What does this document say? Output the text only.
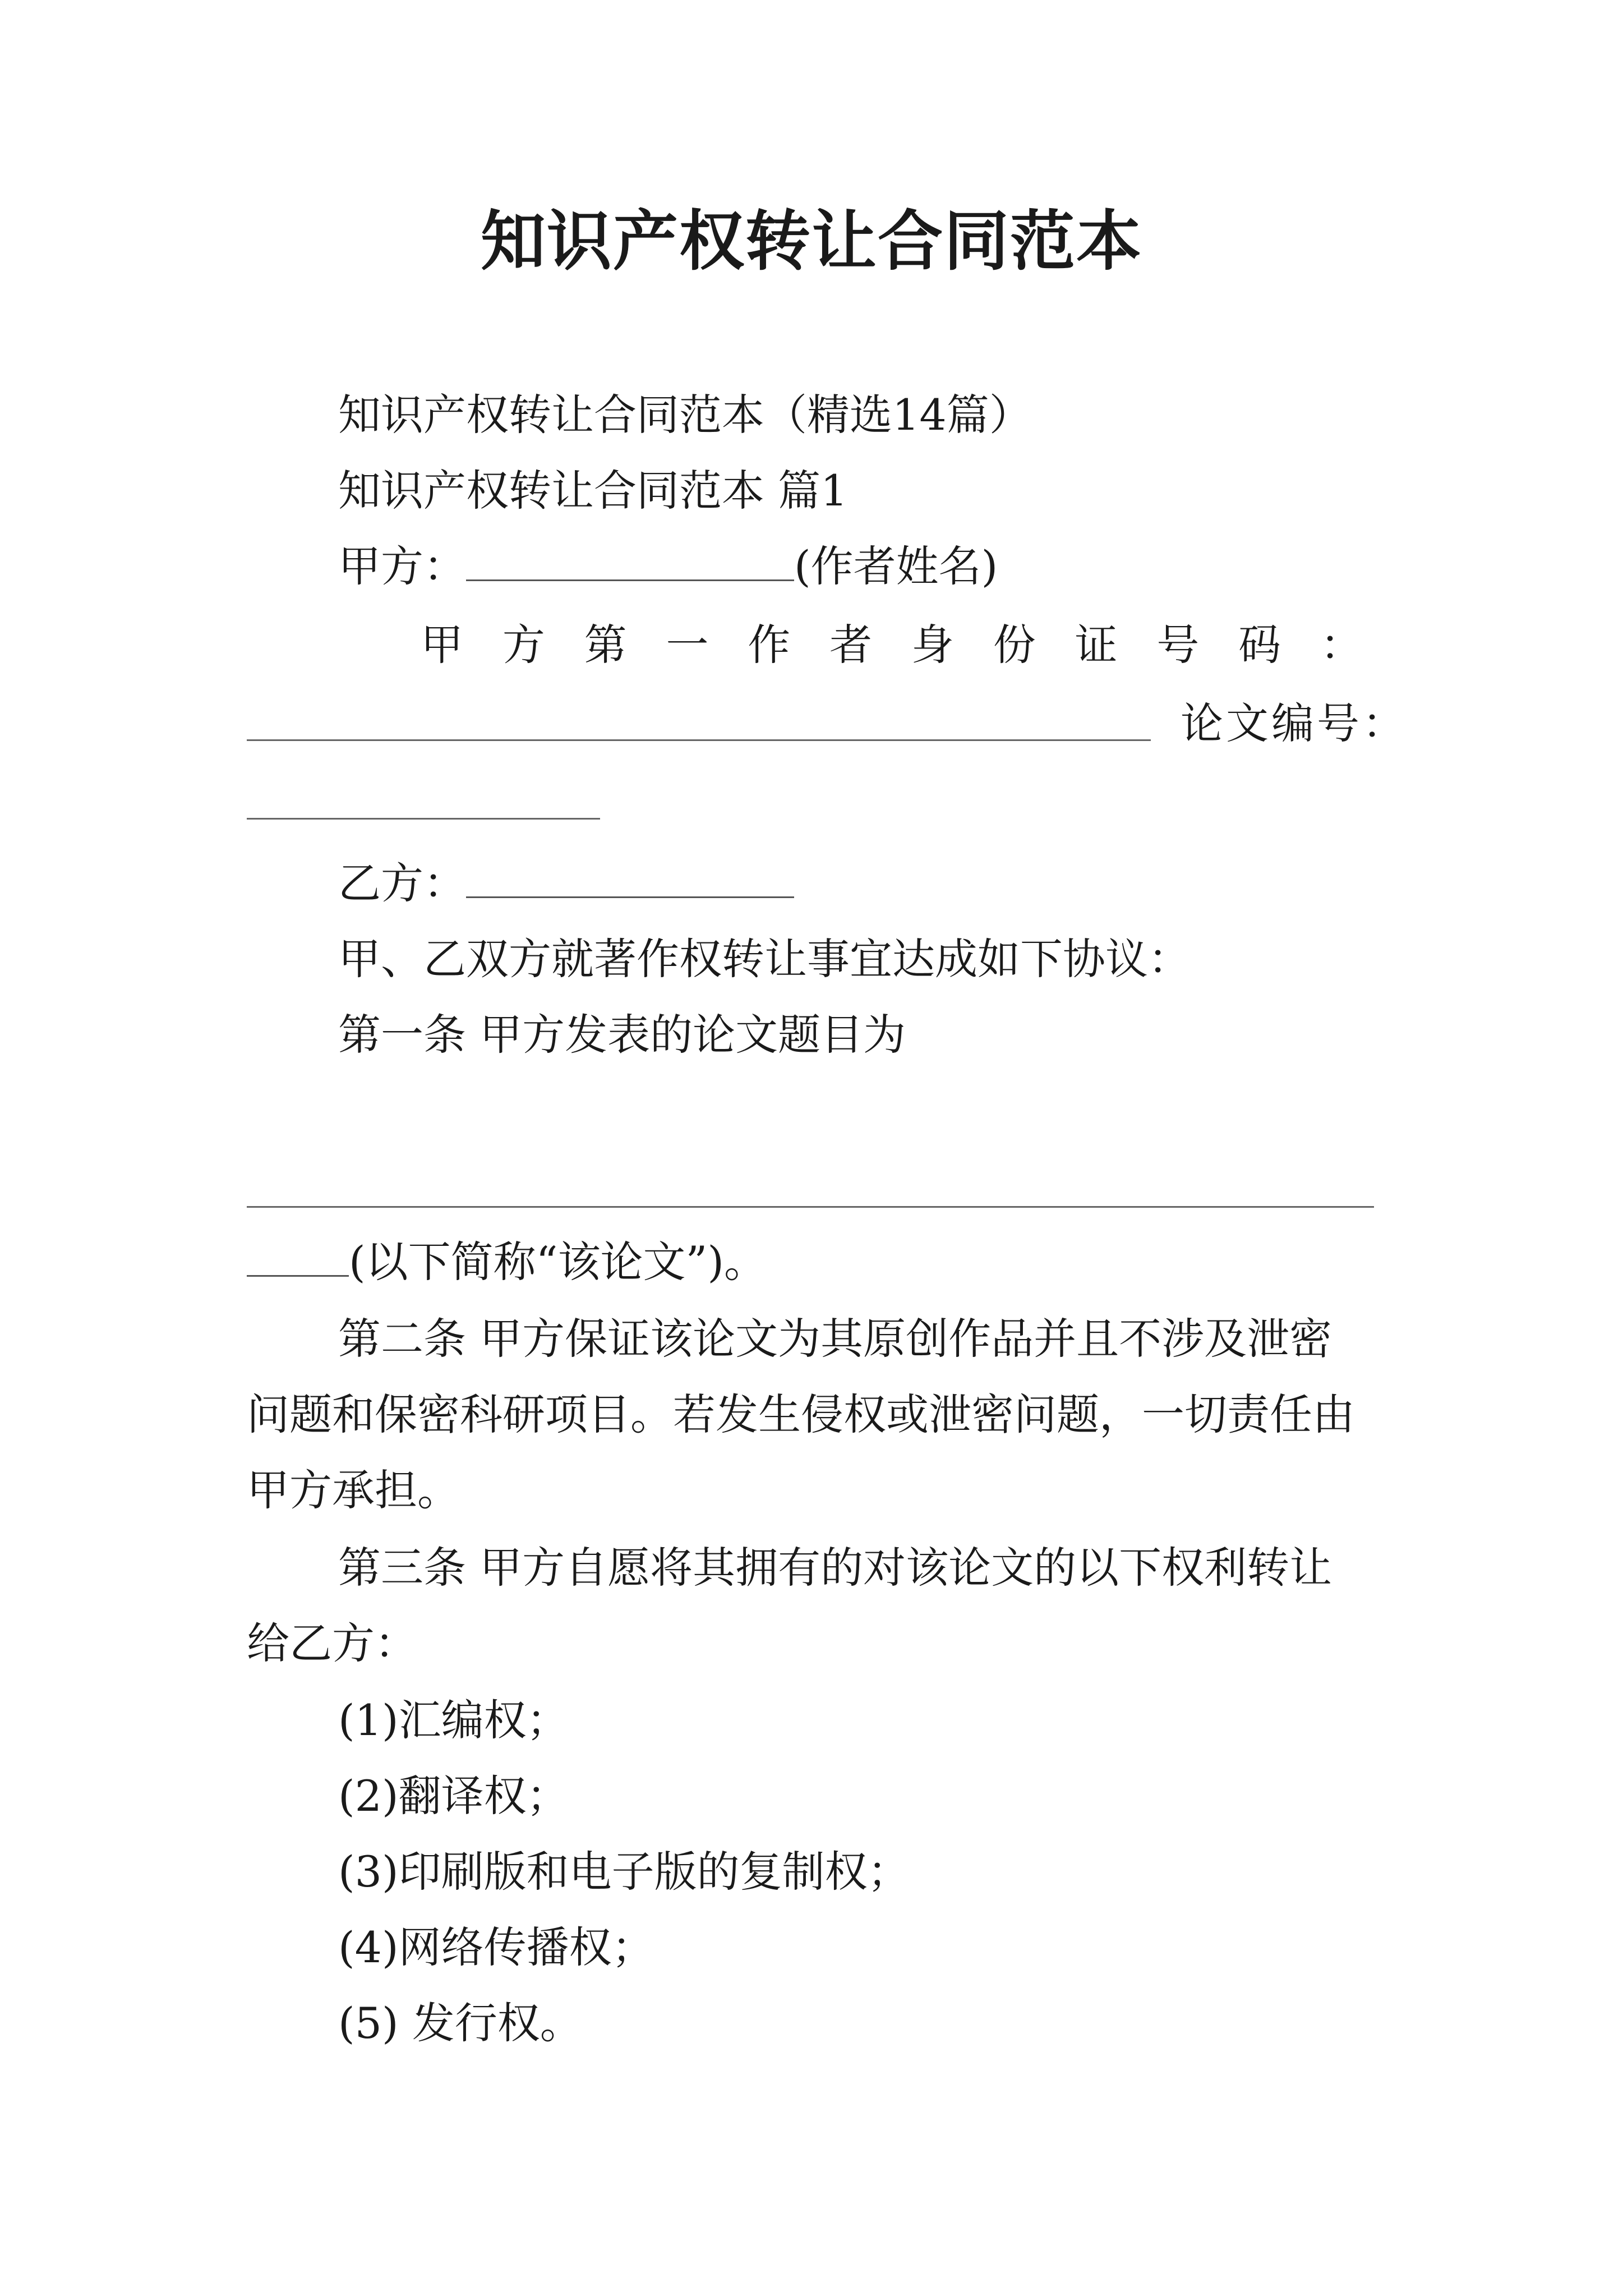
知识产权转让合同范本

知识产权转让合同范本（精选14篇）

知识产权转让合同范本 篇1

甲方：	(作者姓名)

甲 方 第 一 作 者 身 份 证 号 码 ：
论 文 编 号 ：

乙方：

甲、乙双方就著作权转让事宜达成如下协议：

第一条 甲方发表的论文题目为

(以下简称“该论文”)。

第二条 甲方保证该论文为其原创作品并且不涉及泄密

问题和保密科研项目。若发生侵权或泄密问题，一切责任由

甲方承担。

第三条 甲方自愿将其拥有的对该论文的以下权利转让

给乙方：

(1)汇编权；

(2)翻译权；

(3)印刷版和电子版的复制权；

(4)网络传播权；

(5) 发行权。
